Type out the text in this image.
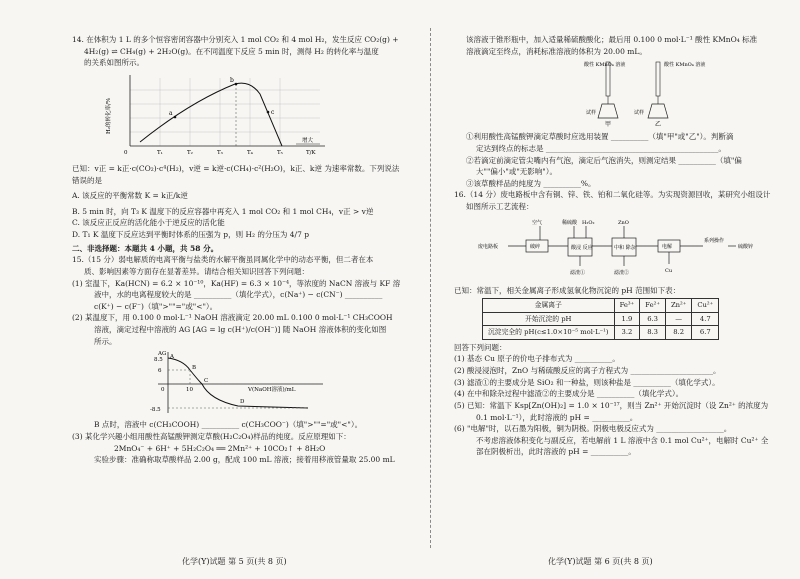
14. 在体积为 1 L 的多个恒容密闭容器中分别充入 1 mol CO₂ 和 4 mol H₂，发生反应 CO₂(g) +

4H₂(g) ⇌ CH₄(g) + 2H₂O(g)。在不同温度下反应 5 min 时，测得 H₂ 的转化率与温度

的关系如图所示。

a
b
c
0	T₁	T₂	T₃	T₄	T₅	T/K
增大
H₂的转化率/%

已知：v正 = k正·c(CO₂)·c⁴(H₂)，v逆 = k逆·c(CH₄)·c²(H₂O)，k正、k逆 为速率常数。下列说法

错误的是

A. 该反应的平衡常数 K = k正/k逆

B. 5 min 时，向 T₃ K 温度下的反应容器中再充入 1 mol CO₂ 和 1 mol CH₄，v正 > v逆

C. 该反应正反应的活化能小于逆反应的活化能

D. T₁ K 温度下反应达到平衡时体系的压强为 p，则 H₂ 的分压为 4/7 p

二、非选择题：本题共 4 小题，共 58 分。

15.（15 分）弱电解质的电离平衡与盐类的水解平衡虽同属化学中的动态平衡，但二者在本

质、影响因素等方面存在显著差异。请结合相关知识回答下列问题：

(1) 室温下，Ka(HCN) = 6.2 × 10⁻¹⁰，Ka(HF) = 6.3 × 10⁻⁴，等浓度的 NaCN 溶液与 KF 溶

液中，水的电离程度较大的是 __________（填化学式），c(Na⁺) − c(CN⁻) __________

c(K⁺) − c(F⁻)（填">""="或"<"）。

(2) 某温度下，用 0.100 0 mol·L⁻¹ NaOH 溶液滴定 20.00 mL 0.100 0 mol·L⁻¹ CH₃COOH

溶液，滴定过程中溶液的 AG [AG = lg c(H⁺)/c(OH⁻)] 随 NaOH 溶液体积的变化如图

所示。

A
B
C
D
AG
8.5
6
-8.5
0	10	V(NaOH溶液)/mL

B 点时，溶液中 c(CH₃COOH) __________ c(CH₃COO⁻)（填">""="或"<"）。

(3) 某化学兴趣小组用酸性高锰酸钾测定草酸(H₂C₂O₄)样品的纯度。反应原理如下：

2MnO₄⁻ + 6H⁺ + 5H₂C₂O₄ ══ 2Mn²⁺ + 10CO₂↑ + 8H₂O

实验步骤：准确称取草酸样品 2.00 g，配成 100 mL 溶液；接着用移液管量取 25.00 mL

该溶液于锥形瓶中，加入适量稀硫酸酸化；最后用 0.100 0 mol·L⁻¹ 酸性 KMnO₄ 标准

溶液滴定至终点，消耗标准溶液的体积为 20.00 mL。

酸性 KMnO₄ 溶液	酸性 KMnO₄ 溶液
试样	试样
甲	乙

①利用酸性高锰酸钾滴定草酸时应选用装置 __________（填"甲"或"乙"）。判断滴

定达到终点的标志是 ______________________________________________。

②若滴定前滴定管尖嘴内有气泡，滴定后气泡消失，则测定结果 __________（填"偏

大""偏小"或"无影响"）。

③该草酸样品的纯度为 __________%。

16.（14 分）废电路板中含有铜、锌、铁、铂和二氧化硅等。为实现资源回收，某研究小组设计

如图所示工艺流程：

废电路板	破碎	酸浸 反应	中和 除杂	电解
空气	稀硫酸 H₂O₂	ZnO
滤渣①	滤渣②	Cu
系列操作
硫酸锌

已知：常温下，相关金属离子形成氢氧化物沉淀的 pH 范围如下表：

金属离子	Fe³⁺	Fe²⁺	Zn²⁺	Cu²⁺
开始沉淀的 pH	1.9	6.3	—	4.7
沉淀完全的 pH(c≤1.0×10⁻⁵ mol·L⁻¹)	3.2	8.3	8.2	6.7

回答下列问题：

(1) 基态 Cu 原子的价电子排布式为 __________。

(2) 酸浸浸泡时，ZnO 与稀硫酸反应的离子方程式为 ______________________。

(3) 滤渣①的主要成分是 SiO₂ 和一种盐，则该种盐是 __________（填化学式）。

(4) 在中和除杂过程中滤渣②的主要成分是 __________（填化学式）。

(5) 已知：常温下 Ksp[Zn(OH)₂] = 1.0 × 10⁻¹⁷，则当 Zn²⁺ 开始沉淀时（设 Zn²⁺ 的浓度为

0.1 mol·L⁻¹），此时溶液的 pH = __________。

(6) "电解"时，以石墨为阳极，铜为阴极。阴极电极反应式为 __________________。

不考虑溶液体积变化与副反应，若电解前 1 L 溶液中含 0.1 mol Cu²⁺，电解时 Cu²⁺ 全

部在阴极析出，此时溶液的 pH = __________。

化学(Y)试题 第 5 页(共 8 页)	化学(Y)试题 第 6 页(共 8 页)
